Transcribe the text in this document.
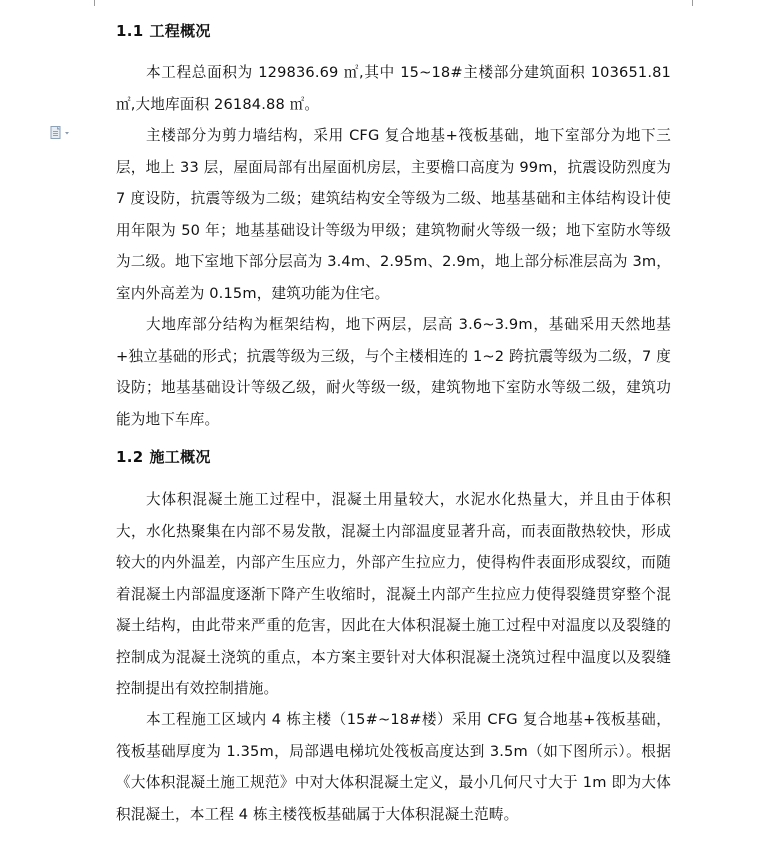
1.1 工程概况

本工程总面积为 129836.69 ㎡,其中 15~18#主楼部分建筑面积 103651.81 ㎡,大地库面积 26184.88 ㎡。

主楼部分为剪力墙结构，采用 CFG 复合地基+筏板基础，地下室部分为地下三层，地上 33 层，屋面局部有出屋面机房层，主要檐口高度为 99m，抗震设防烈度为 7 度设防，抗震等级为二级；建筑结构安全等级为二级、地基基础和主体结构设计使用年限为 50 年；地基基础设计等级为甲级；建筑物耐火等级一级；地下室防水等级为二级。地下室地下部分层高为 3.4m、2.95m、2.9m，地上部分标准层高为 3m，室内外高差为 0.15m，建筑功能为住宅。

大地库部分结构为框架结构，地下两层，层高 3.6~3.9m，基础采用天然地基+独立基础的形式；抗震等级为三级，与个主楼相连的 1~2 跨抗震等级为二级，7 度设防；地基基础设计等级乙级，耐火等级一级，建筑物地下室防水等级二级，建筑功能为地下车库。

1.2 施工概况

大体积混凝土施工过程中，混凝土用量较大，水泥水化热量大，并且由于体积大，水化热聚集在内部不易发散，混凝土内部温度显著升高，而表面散热较快，形成较大的内外温差，内部产生压应力，外部产生拉应力，使得构件表面形成裂纹，而随着混凝土内部温度逐渐下降产生收缩时，混凝土内部产生拉应力使得裂缝贯穿整个混凝土结构，由此带来严重的危害，因此在大体积混凝土施工过程中对温度以及裂缝的控制成为混凝土浇筑的重点，本方案主要针对大体积混凝土浇筑过程中温度以及裂缝控制提出有效控制措施。

本工程施工区域内 4 栋主楼（15#~18#楼）采用 CFG 复合地基+筏板基础，筏板基础厚度为 1.35m，局部遇电梯坑处筏板高度达到 3.5m（如下图所示）。根据《大体积混凝土施工规范》中对大体积混凝土定义，最小几何尺寸大于 1m 即为大体积混凝土，本工程 4 栋主楼筏板基础属于大体积混凝土范畴。
